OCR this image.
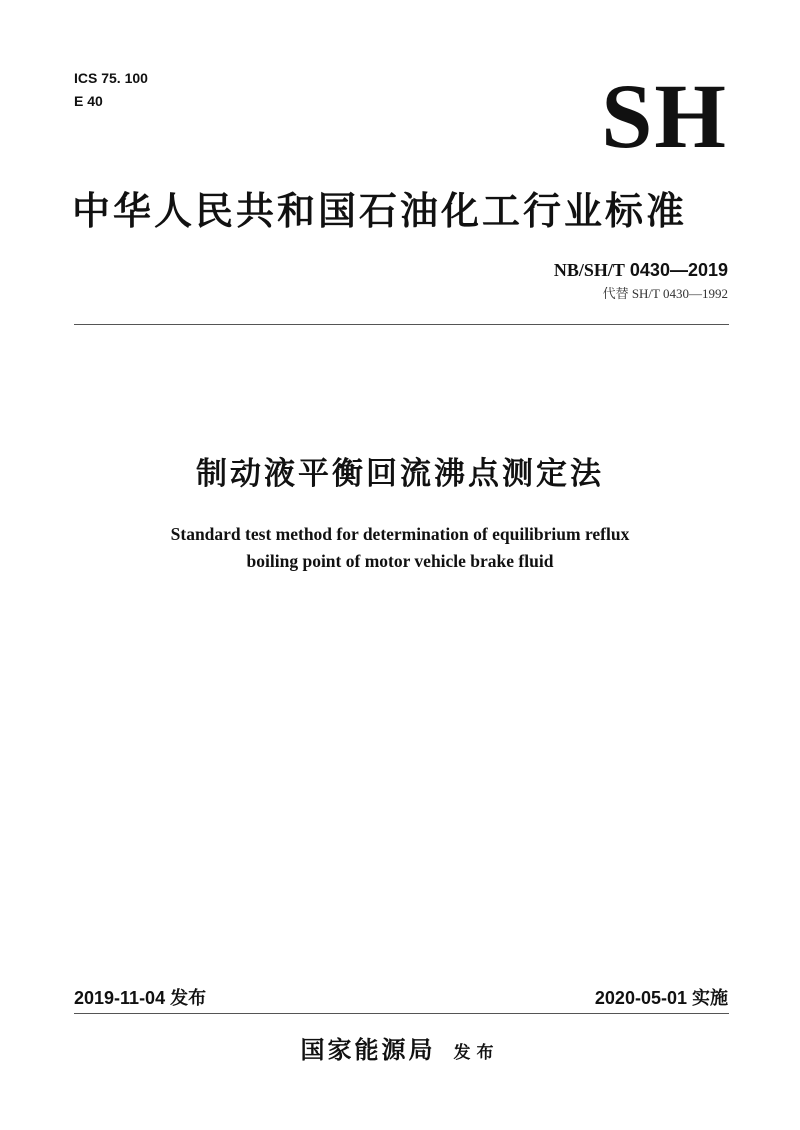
ICS 75. 100
E 40	SH
中华人民共和国石油化工行业标准
NB/SH/T 0430—2019
代替 SH/T 0430—1992
制动液平衡回流沸点测定法
Standard test method for determination of equilibrium reflux
boiling point of motor vehicle brake fluid
2019-11-04 发布	2020-05-01 实施
国家能源局 发布
